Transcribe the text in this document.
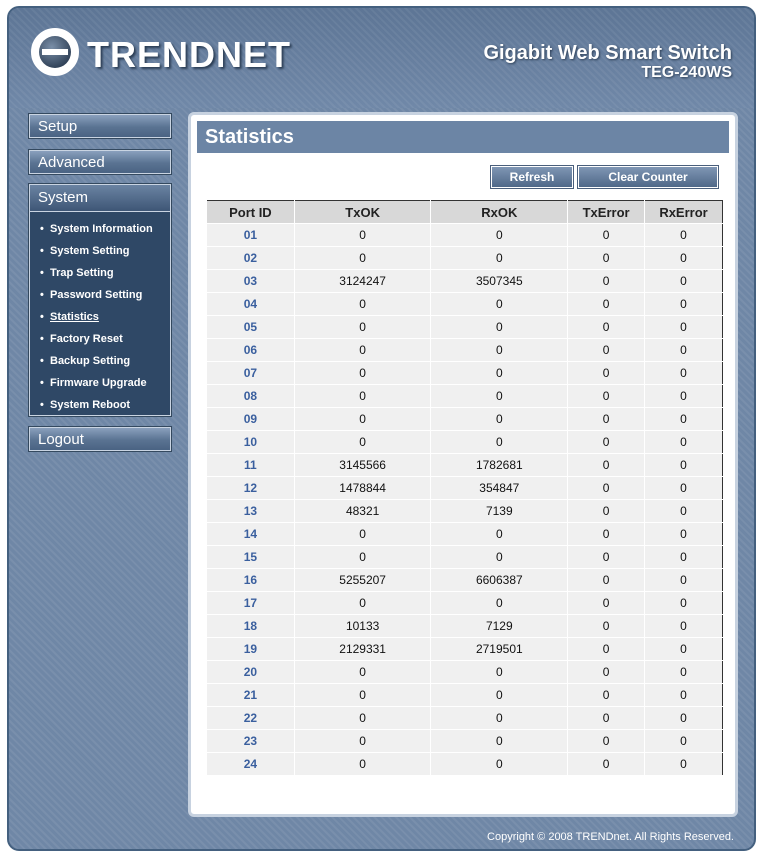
TRENDNET	Gigabit Web Smart Switch
TEG-240WS
Setup
Advanced
System
• System Information
• System Setting
• Trap Setting
• Password Setting
• Statistics
• Factory Reset
• Backup Setting
• Firmware Upgrade
• System Reboot
Logout
Statistics
Refresh	Clear Counter
Port ID	TxOK	RxOK	TxError	RxError
01	0	0	0	0
02	0	0	0	0
03	3124247	3507345	0	0
04	0	0	0	0
05	0	0	0	0
06	0	0	0	0
07	0	0	0	0
08	0	0	0	0
09	0	0	0	0
10	0	0	0	0
11	3145566	1782681	0	0
12	1478844	354847	0	0
13	48321	7139	0	0
14	0	0	0	0
15	0	0	0	0
16	5255207	6606387	0	0
17	0	0	0	0
18	10133	7129	0	0
19	2129331	2719501	0	0
20	0	0	0	0
21	0	0	0	0
22	0	0	0	0
23	0	0	0	0
24	0	0	0	0
Copyright © 2008 TRENDnet. All Rights Reserved.
